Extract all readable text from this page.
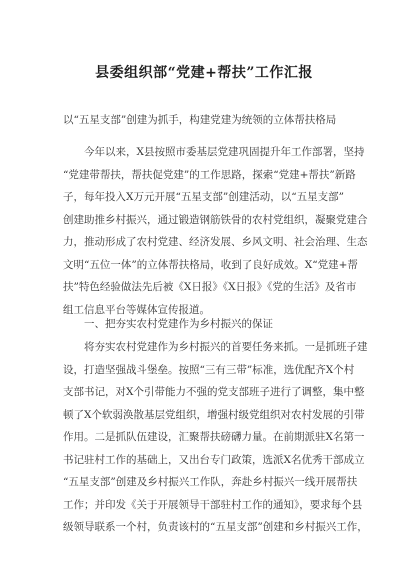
县委组织部“党建+帮扶”工作汇报
以“五星支部”创建为抓手，构建党建为统领的立体帮扶格局
　　今年以来，X县按照市委基层党建巩固提升年工作部署，坚持
“党建带帮扶，帮扶促党建”的工作思路，探索“党建+帮扶”新路
子，每年投入X万元开展“五星支部”创建活动，以“五星支部”
创建助推乡村振兴，通过锻造钢筋铁骨的农村党组织，凝聚党建合
力，推动形成了农村党建、经济发展、乡风文明、社会治理、生态
文明“五位一体”的立体帮扶格局，收到了良好成效。X“党建+帮
扶”特色经验做法先后被《X日报》《X日报》《党的生活》及省市
组工信息平台等媒体宣传报道。
　　一、把夯实农村党建作为乡村振兴的保证
　　将夯实农村党建作为乡村振兴的首要任务来抓。一是抓班子建
设，打造坚强战斗堡垒。按照“三有三带”标准，选优配齐X个村
支部书记，对X个引带能力不强的党支部班子进行了调整，集中整
顿了X个软弱涣散基层党组织，增强村级党组织对农村发展的引带
作用。二是抓队伍建设，汇聚帮扶磅礴力量。在前期派驻X名第一
书记驻村工作的基础上，又出台专门政策，选派X名优秀干部成立
“五星支部”创建及乡村振兴工作队，奔赴乡村振兴一线开展帮扶
工作；并印发《关于开展领导干部驻村工作的通知》，要求每个县
级领导联系一个村，负责该村的“五星支部”创建和乡村振兴工作，
